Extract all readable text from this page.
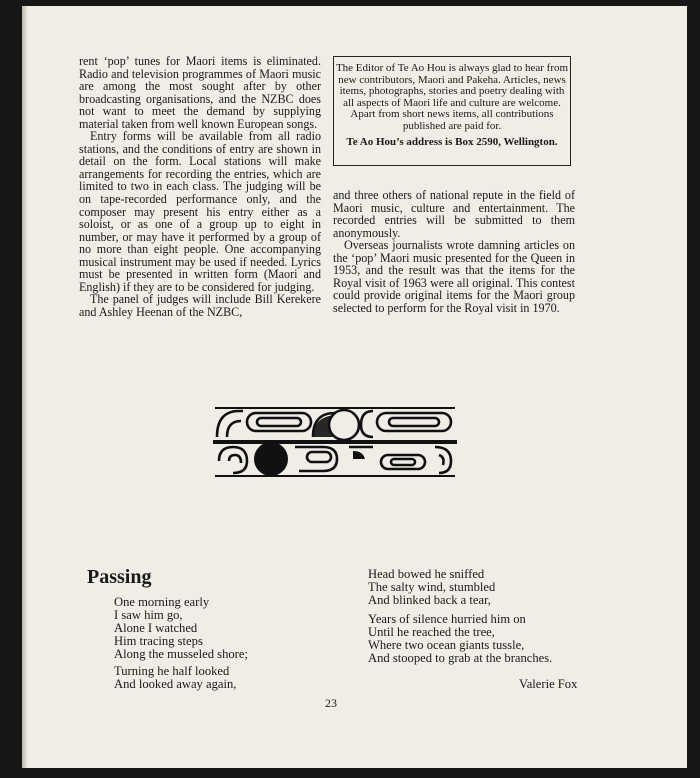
rent ‘pop’ tunes for Maori items is eliminated. Radio and television programmes of Maori music are among the most sought after by other broadcasting organisations, and the NZBC does not want to meet the demand by supplying material taken from well known European songs.

Entry forms will be available from all radio stations, and the conditions of entry are shown in detail on the form. Local stations will make arrangements for recording the entries, which are limited to two in each class. The judging will be on tape-recorded performance only, and the composer may present his entry either as a soloist, or as one of a group up to eight in number, or may have it performed by a group of no more than eight people. One accompanying musical instrument may be used if needed. Lyrics must be presented in written form (Maori and English) if they are to be considered for judging.

The panel of judges will include Bill Kerekere and Ashley Heenan of the NZBC,

The Editor of Te Ao Hou is always glad to hear from new contributors, Maori and Pakeha. Articles, news items, photographs, stories and poetry dealing with all aspects of Maori life and culture are welcome. Apart from short news items, all contributions published are paid for.
Te Ao Hou’s address is Box 2590, Wellington.

and three others of national repute in the field of Maori music, culture and entertainment. The recorded entries will be submitted to them anonymously.

Overseas journalists wrote damning articles on the ‘pop’ Maori music presented for the Queen in 1953, and the result was that the items for the Royal visit of 1963 were all original. This contest could provide original items for the Maori group selected to perform for the Royal visit in 1970.

Passing
One morning early
I saw him go,
Alone I watched
Him tracing steps
Along the musseled shore;
Turning he half looked
And looked away again,
Head bowed he sniffed
The salty wind, stumbled
And blinked back a tear,
Years of silence hurried him on
Until he reached the tree,
Where two ocean giants tussle,
And stooped to grab at the branches.
Valerie Fox
23
